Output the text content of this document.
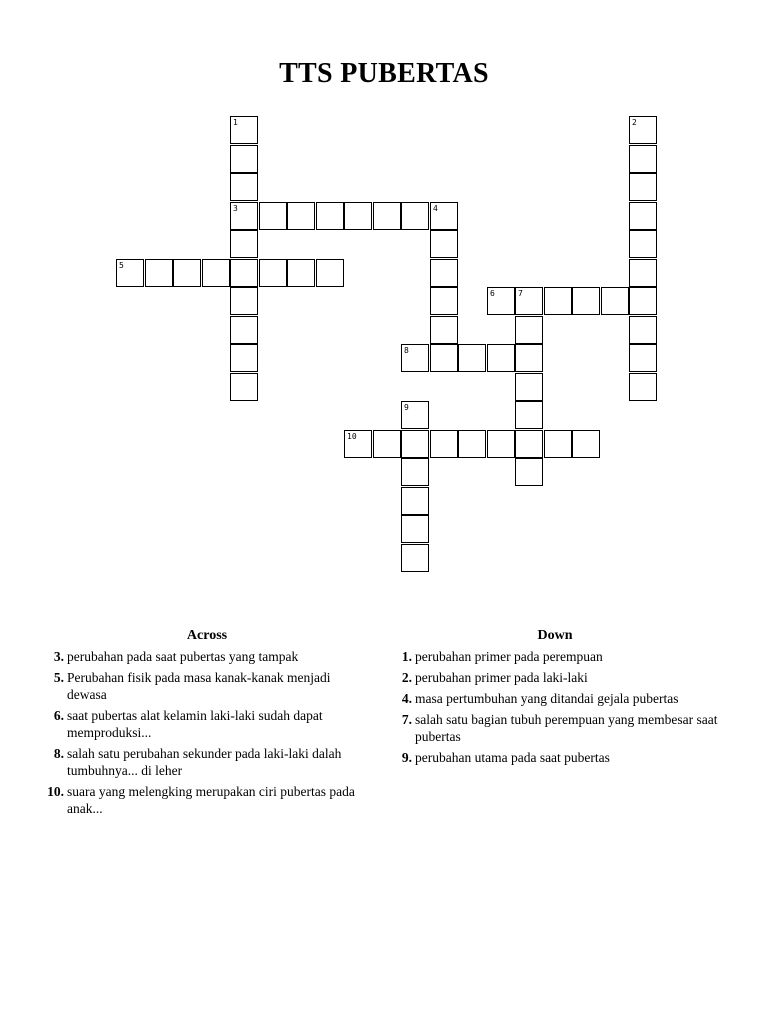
TTS PUBERTAS
1
3
2
4
5
6	7
8
9
10
Across
3. perubahan pada saat pubertas yang tampak
5. Perubahan fisik pada masa kanak-kanak menjadi dewasa
6. saat pubertas alat kelamin laki-laki sudah dapat memproduksi...
8. salah satu perubahan sekunder pada laki-laki dalah tumbuhnya... di leher
10. suara yang melengking merupakan ciri pubertas pada anak...
Down
1. perubahan primer pada perempuan
2. perubahan primer pada laki-laki
4. masa pertumbuhan yang ditandai gejala pubertas
7. salah satu bagian tubuh perempuan yang membesar saat pubertas
9. perubahan utama pada saat pubertas
